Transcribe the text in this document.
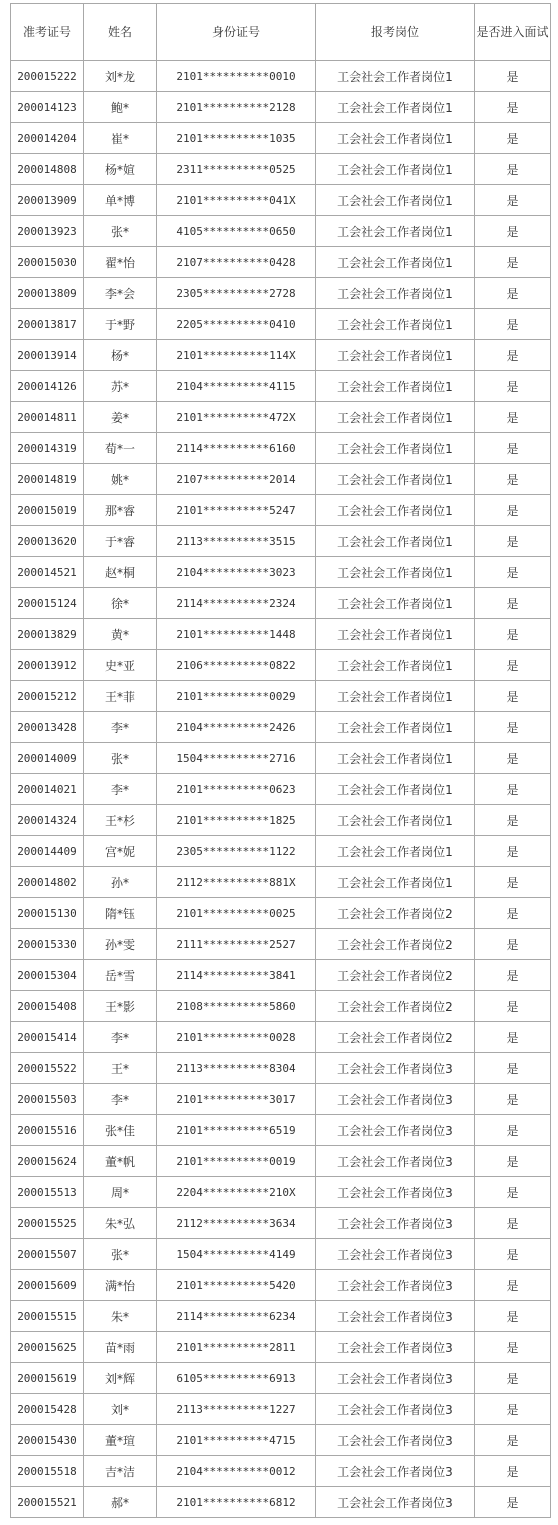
准考证号	姓名	身份证号	报考岗位	是否进入面试
200015222	刘*龙	2101**********0010	工会社会工作者岗位1	是
200014123	鲍*	2101**********2128	工会社会工作者岗位1	是
200014204	崔*	2101**********1035	工会社会工作者岗位1	是
200014808	杨*媗	2311**********0525	工会社会工作者岗位1	是
200013909	单*博	2101**********041X	工会社会工作者岗位1	是
200013923	张*	4105**********0650	工会社会工作者岗位1	是
200015030	翟*怡	2107**********0428	工会社会工作者岗位1	是
200013809	李*会	2305**********2728	工会社会工作者岗位1	是
200013817	于*野	2205**********0410	工会社会工作者岗位1	是
200013914	杨*	2101**********114X	工会社会工作者岗位1	是
200014126	苏*	2104**********4115	工会社会工作者岗位1	是
200014811	姜*	2101**********472X	工会社会工作者岗位1	是
200014319	荀*一	2114**********6160	工会社会工作者岗位1	是
200014819	姚*	2107**********2014	工会社会工作者岗位1	是
200015019	那*睿	2101**********5247	工会社会工作者岗位1	是
200013620	于*睿	2113**********3515	工会社会工作者岗位1	是
200014521	赵*桐	2104**********3023	工会社会工作者岗位1	是
200015124	徐*	2114**********2324	工会社会工作者岗位1	是
200013829	黄*	2101**********1448	工会社会工作者岗位1	是
200013912	史*亚	2106**********0822	工会社会工作者岗位1	是
200015212	王*菲	2101**********0029	工会社会工作者岗位1	是
200013428	李*	2104**********2426	工会社会工作者岗位1	是
200014009	张*	1504**********2716	工会社会工作者岗位1	是
200014021	李*	2101**********0623	工会社会工作者岗位1	是
200014324	王*杉	2101**********1825	工会社会工作者岗位1	是
200014409	宫*妮	2305**********1122	工会社会工作者岗位1	是
200014802	孙*	2112**********881X	工会社会工作者岗位1	是
200015130	隋*钰	2101**********0025	工会社会工作者岗位2	是
200015330	孙*雯	2111**********2527	工会社会工作者岗位2	是
200015304	岳*雪	2114**********3841	工会社会工作者岗位2	是
200015408	王*影	2108**********5860	工会社会工作者岗位2	是
200015414	李*	2101**********0028	工会社会工作者岗位2	是
200015522	王*	2113**********8304	工会社会工作者岗位3	是
200015503	李*	2101**********3017	工会社会工作者岗位3	是
200015516	张*佳	2101**********6519	工会社会工作者岗位3	是
200015624	董*帆	2101**********0019	工会社会工作者岗位3	是
200015513	周*	2204**********210X	工会社会工作者岗位3	是
200015525	朱*弘	2112**********3634	工会社会工作者岗位3	是
200015507	张*	1504**********4149	工会社会工作者岗位3	是
200015609	满*怡	2101**********5420	工会社会工作者岗位3	是
200015515	朱*	2114**********6234	工会社会工作者岗位3	是
200015625	苗*雨	2101**********2811	工会社会工作者岗位3	是
200015619	刘*辉	6105**********6913	工会社会工作者岗位3	是
200015428	刘*	2113**********1227	工会社会工作者岗位3	是
200015430	董*瑄	2101**********4715	工会社会工作者岗位3	是
200015518	吉*洁	2104**********0012	工会社会工作者岗位3	是
200015521	郝*	2101**********6812	工会社会工作者岗位3	是
